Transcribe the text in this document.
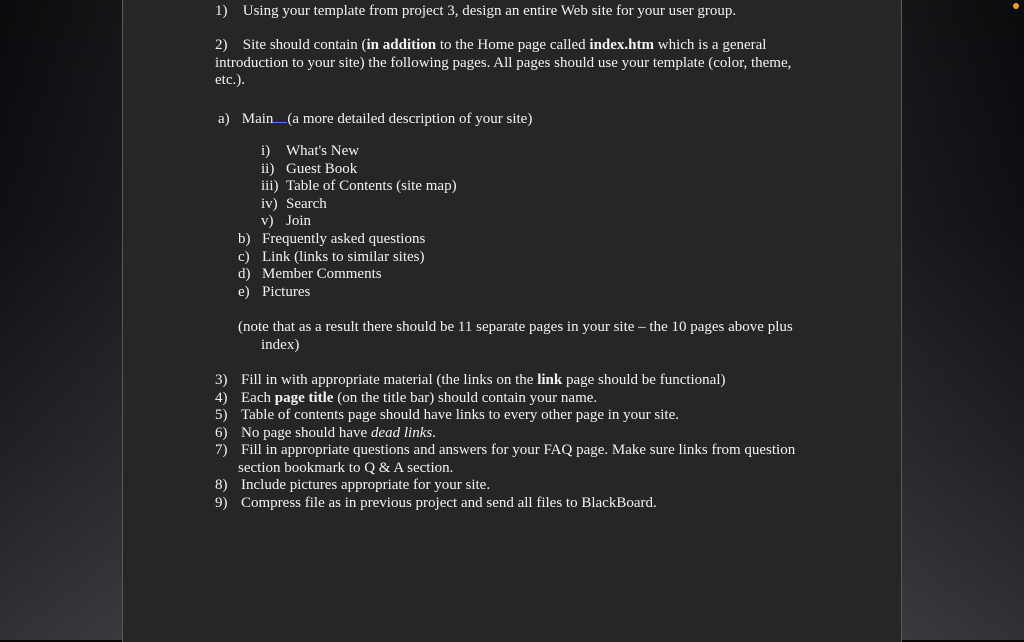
1) Using your template from project 3, design an entire Web site for your user group.
2) Site should contain (in addition to the Home page called index.htm which is a general
introduction to your site) the following pages. All pages should use your template (color, theme,
etc.).
a) Main (a more detailed description of your site)
i) What's New
ii) Guest Book
iii) Table of Contents (site map)
iv) Search
v) Join
b) Frequently asked questions
c) Link (links to similar sites)
d) Member Comments
e) Pictures
(note that as a result there should be 11 separate pages in your site – the 10 pages above plus
index)
3) Fill in with appropriate material (the links on the link page should be functional)
4) Each page title (on the title bar) should contain your name.
5) Table of contents page should have links to every other page in your site.
6) No page should have dead links.
7) Fill in appropriate questions and answers for your FAQ page. Make sure links from question
section bookmark to Q & A section.
8) Include pictures appropriate for your site.
9) Compress file as in previous project and send all files to BlackBoard.
